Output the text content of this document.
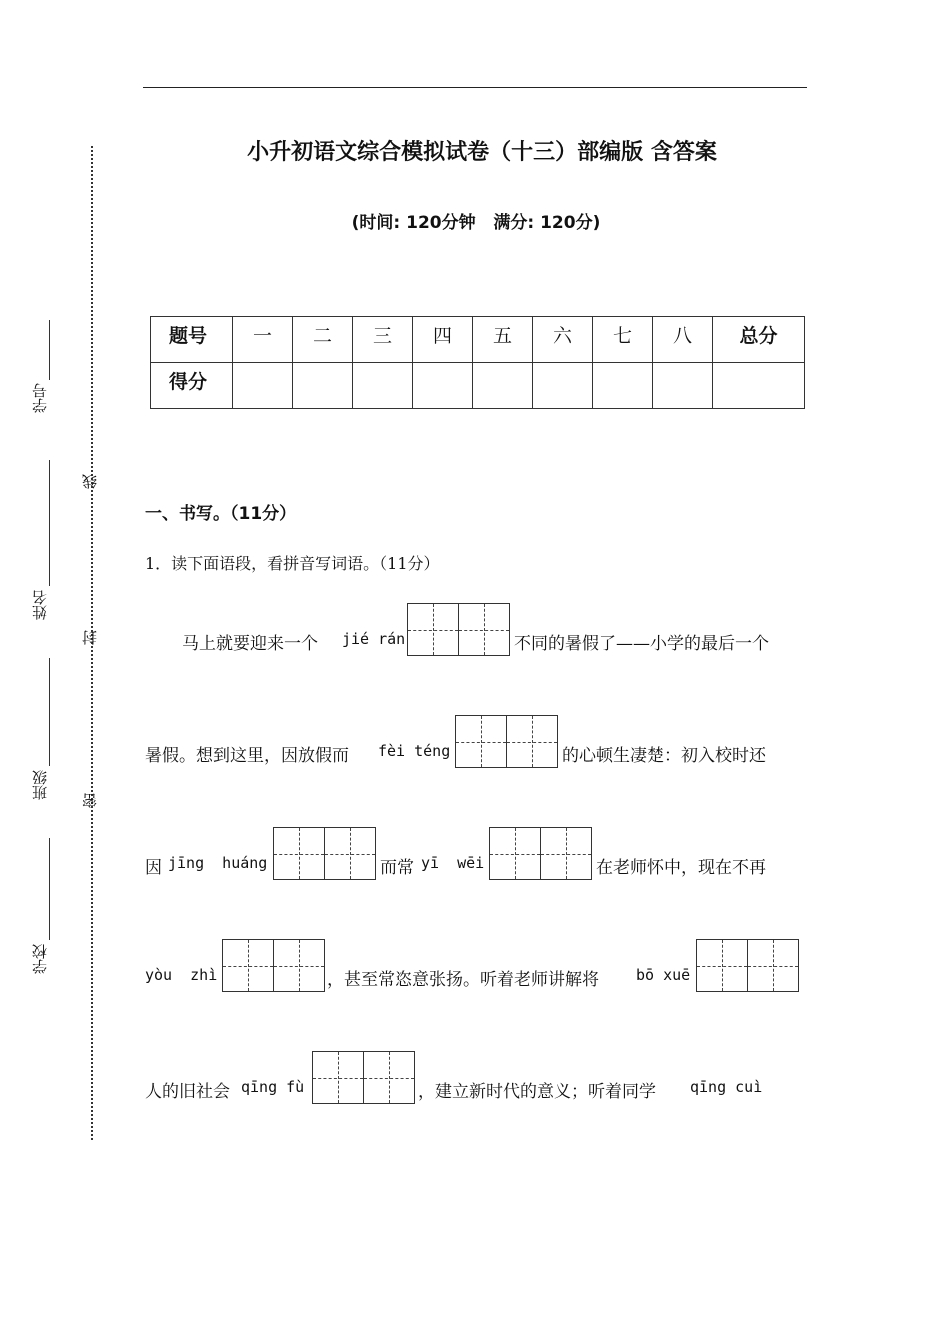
小升初语文综合模拟试卷（十三）部编版 含答案
(时间: 120分钟   满分: 120分)
题号	一	二	三	四	五	六	七	八	总分
得分									
学号
姓名
班级
学校
线
封
密
一、书写。（11分）
1．读下面语段，看拼音写词语。（11分）

马上就要迎来一个

jié rán

	不同的暑假了——小学的最后一个

暑假。想到这里，因放假而

fèi téng

	的心顿生凄楚：初入校时还

因

jīng  huáng

	而常

yī  wēi

	在老师怀中，现在不再

yòu  zhì

	，甚至常恣意张扬。听着老师讲解将

bō xuē

人的旧社会

qīng fù

	，建立新时代的意义；听着同学

qīng cuì
